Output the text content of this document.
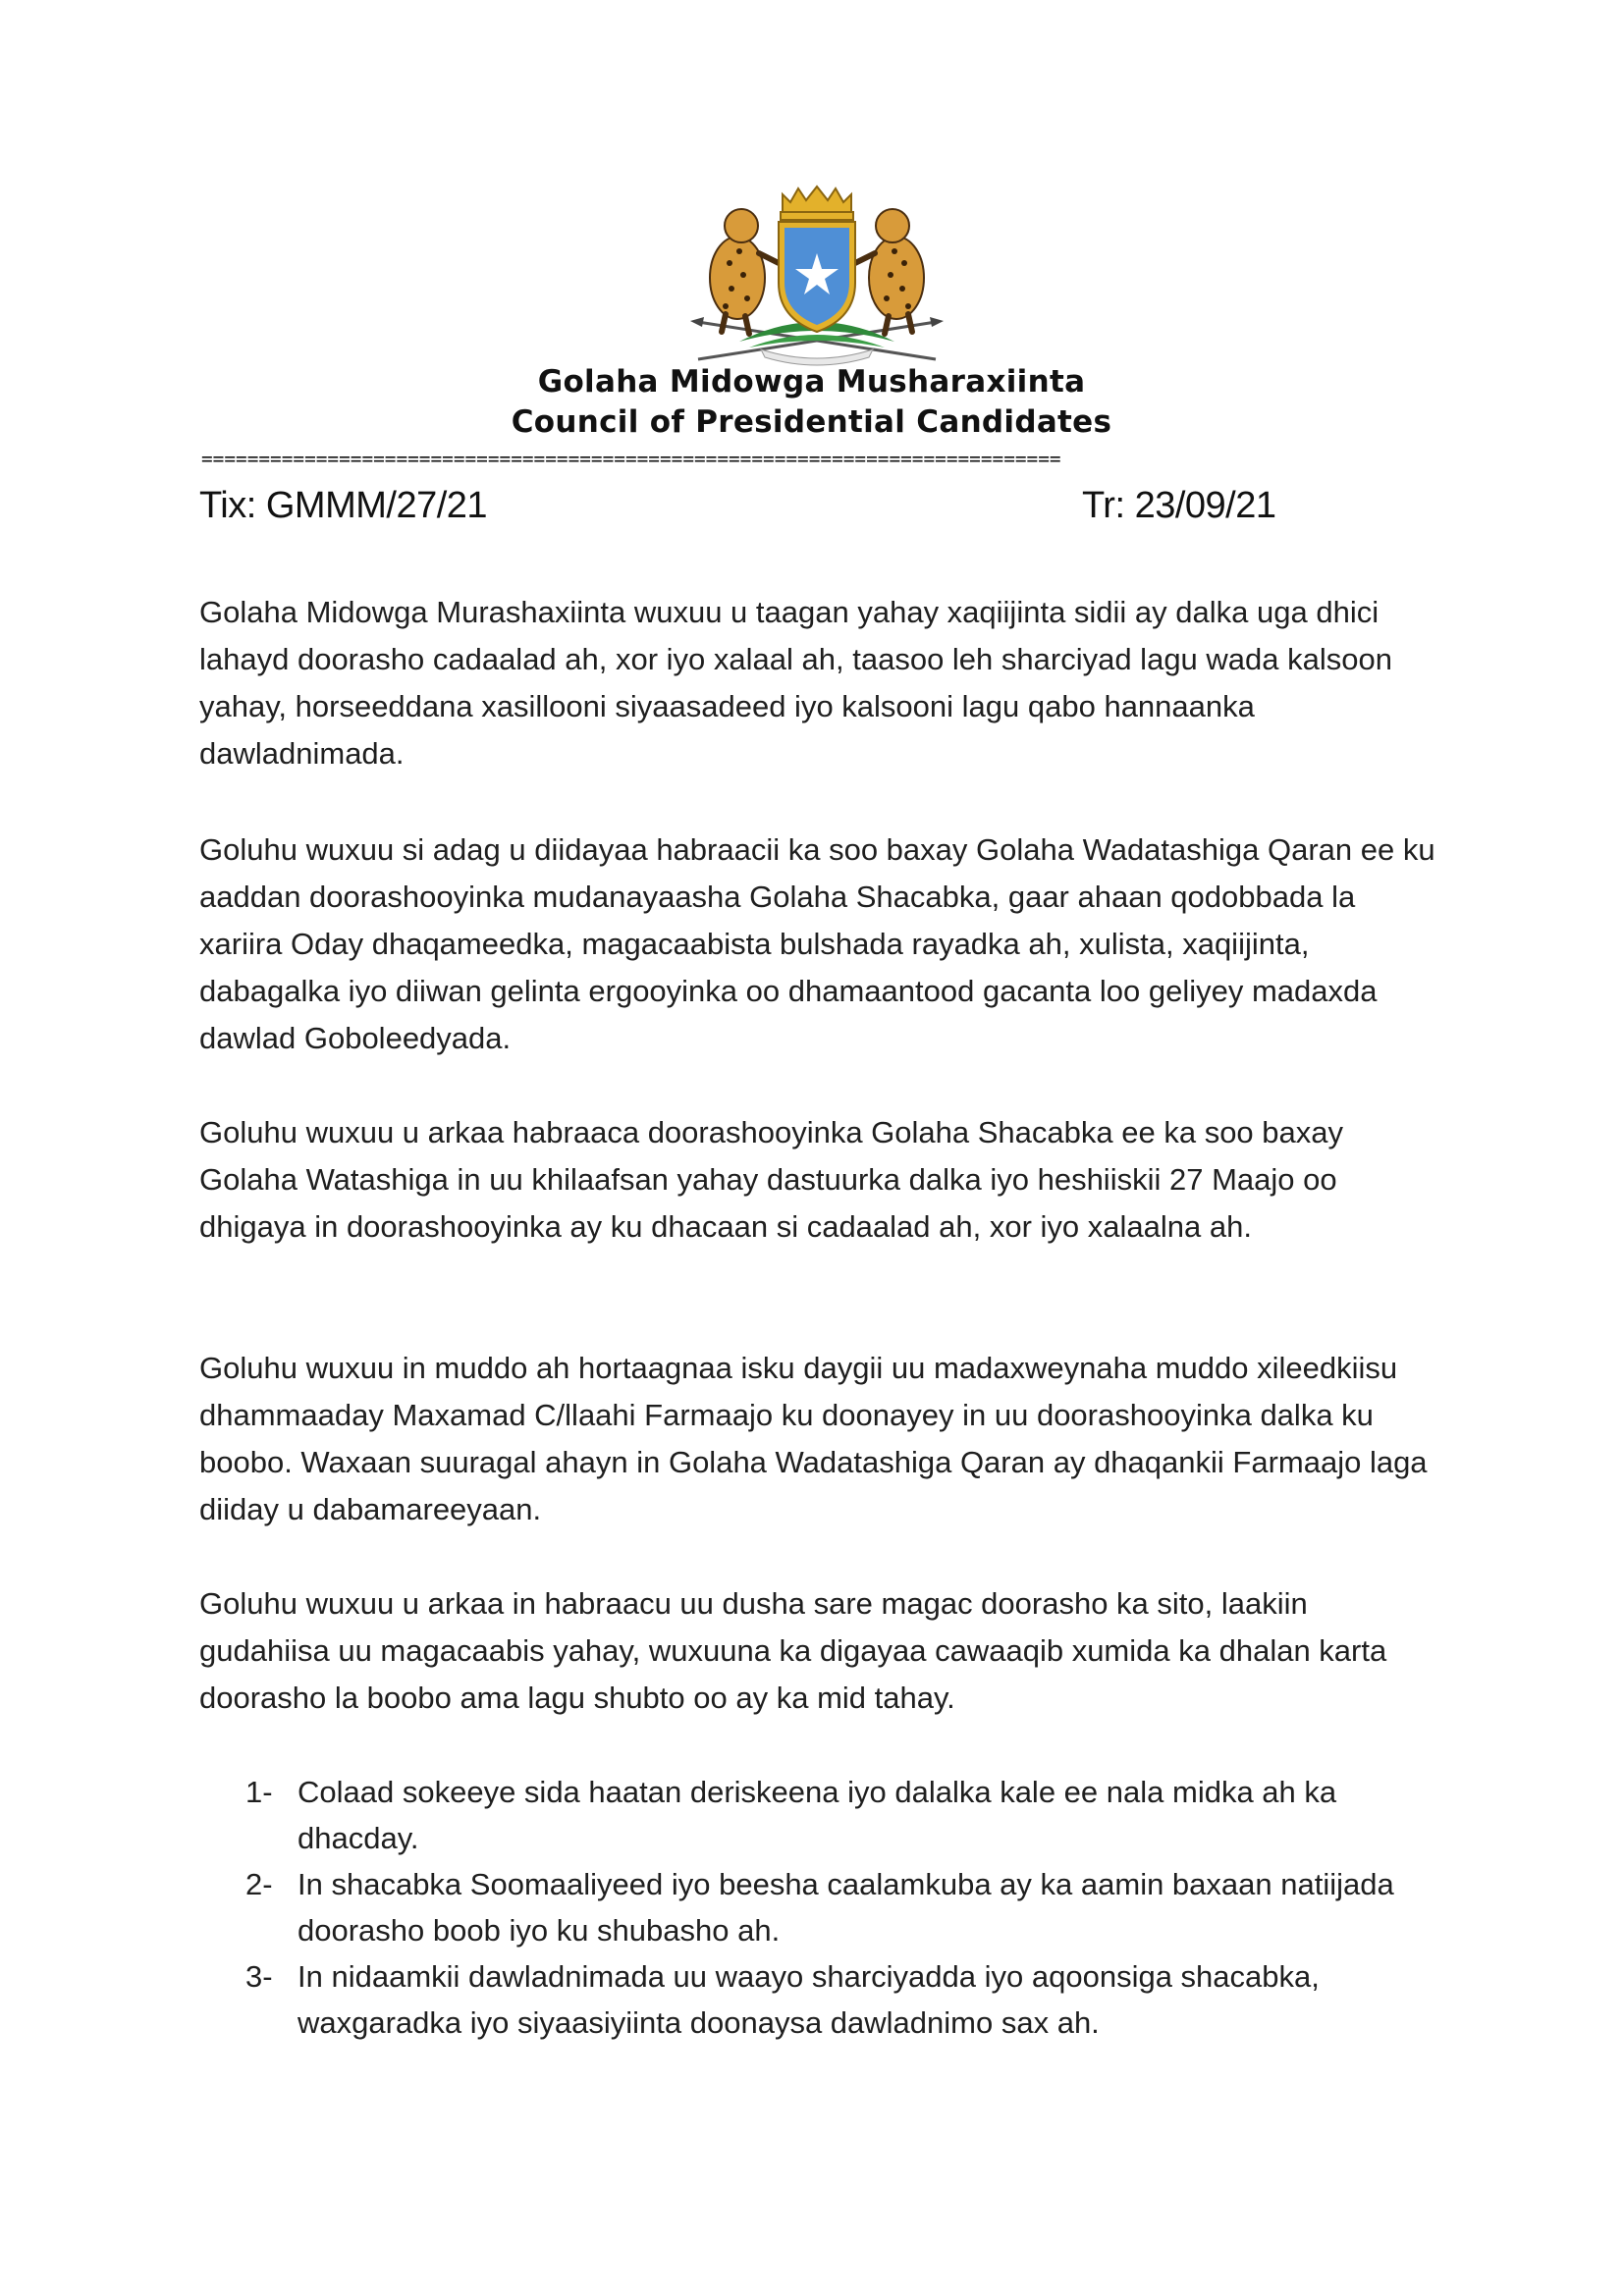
Golaha Midowga Musharaxiinta
Council of Presidential Candidates
===========================================================================
Tix: GMMM/27/21	Tr: 23/09/21

Golaha Midowga Murashaxiinta wuxuu u taagan yahay xaqiijinta sidii ay dalka uga dhici lahayd doorasho cadaalad ah, xor iyo xalaal ah, taasoo leh sharciyad lagu wada kalsoon yahay, horseeddana xasillooni siyaasadeed iyo kalsooni lagu qabo hannaanka dawladnimada.

Goluhu wuxuu si adag u diidayaa habraacii ka soo baxay Golaha Wadatashiga Qaran ee ku aaddan doorashooyinka mudanayaasha Golaha Shacabka, gaar ahaan qodobbada la xariira Oday dhaqameedka, magacaabista bulshada rayadka ah, xulista, xaqiijinta, dabagalka iyo diiwan gelinta ergooyinka oo dhamaantood gacanta loo geliyey madaxda dawlad Goboleedyada.

Goluhu wuxuu u arkaa habraaca doorashooyinka Golaha Shacabka ee ka soo baxay Golaha Watashiga in uu khilaafsan yahay dastuurka dalka iyo heshiiskii 27 Maajo oo dhigaya in doorashooyinka ay ku dhacaan si cadaalad ah, xor iyo xalaalna ah.

Goluhu wuxuu in muddo ah hortaagnaa isku daygii uu madaxweynaha muddo xileedkiisu dhammaaday Maxamad C/llaahi Farmaajo ku doonayey in uu doorashooyinka dalka ku boobo. Waxaan suuragal ahayn in Golaha Wadatashiga Qaran ay dhaqankii Farmaajo laga diiday u dabamareeyaan.

Goluhu wuxuu u arkaa in habraacu uu dusha sare magac doorasho ka sito, laakiin gudahiisa uu magacaabis yahay, wuxuuna ka digayaa cawaaqib xumida ka dhalan karta doorasho la boobo ama lagu shubto oo ay ka mid tahay.

1- Colaad sokeeye sida haatan deriskeena iyo dalalka kale ee nala midka ah ka dhacday.
2- In shacabka Soomaaliyeed iyo beesha caalamkuba ay ka aamin baxaan natiijada doorasho boob iyo ku shubasho ah.
3- In nidaamkii dawladnimada uu waayo sharciyadda iyo aqoonsiga shacabka, waxgaradka iyo siyaasiyiinta doonaysa dawladnimo sax ah.
